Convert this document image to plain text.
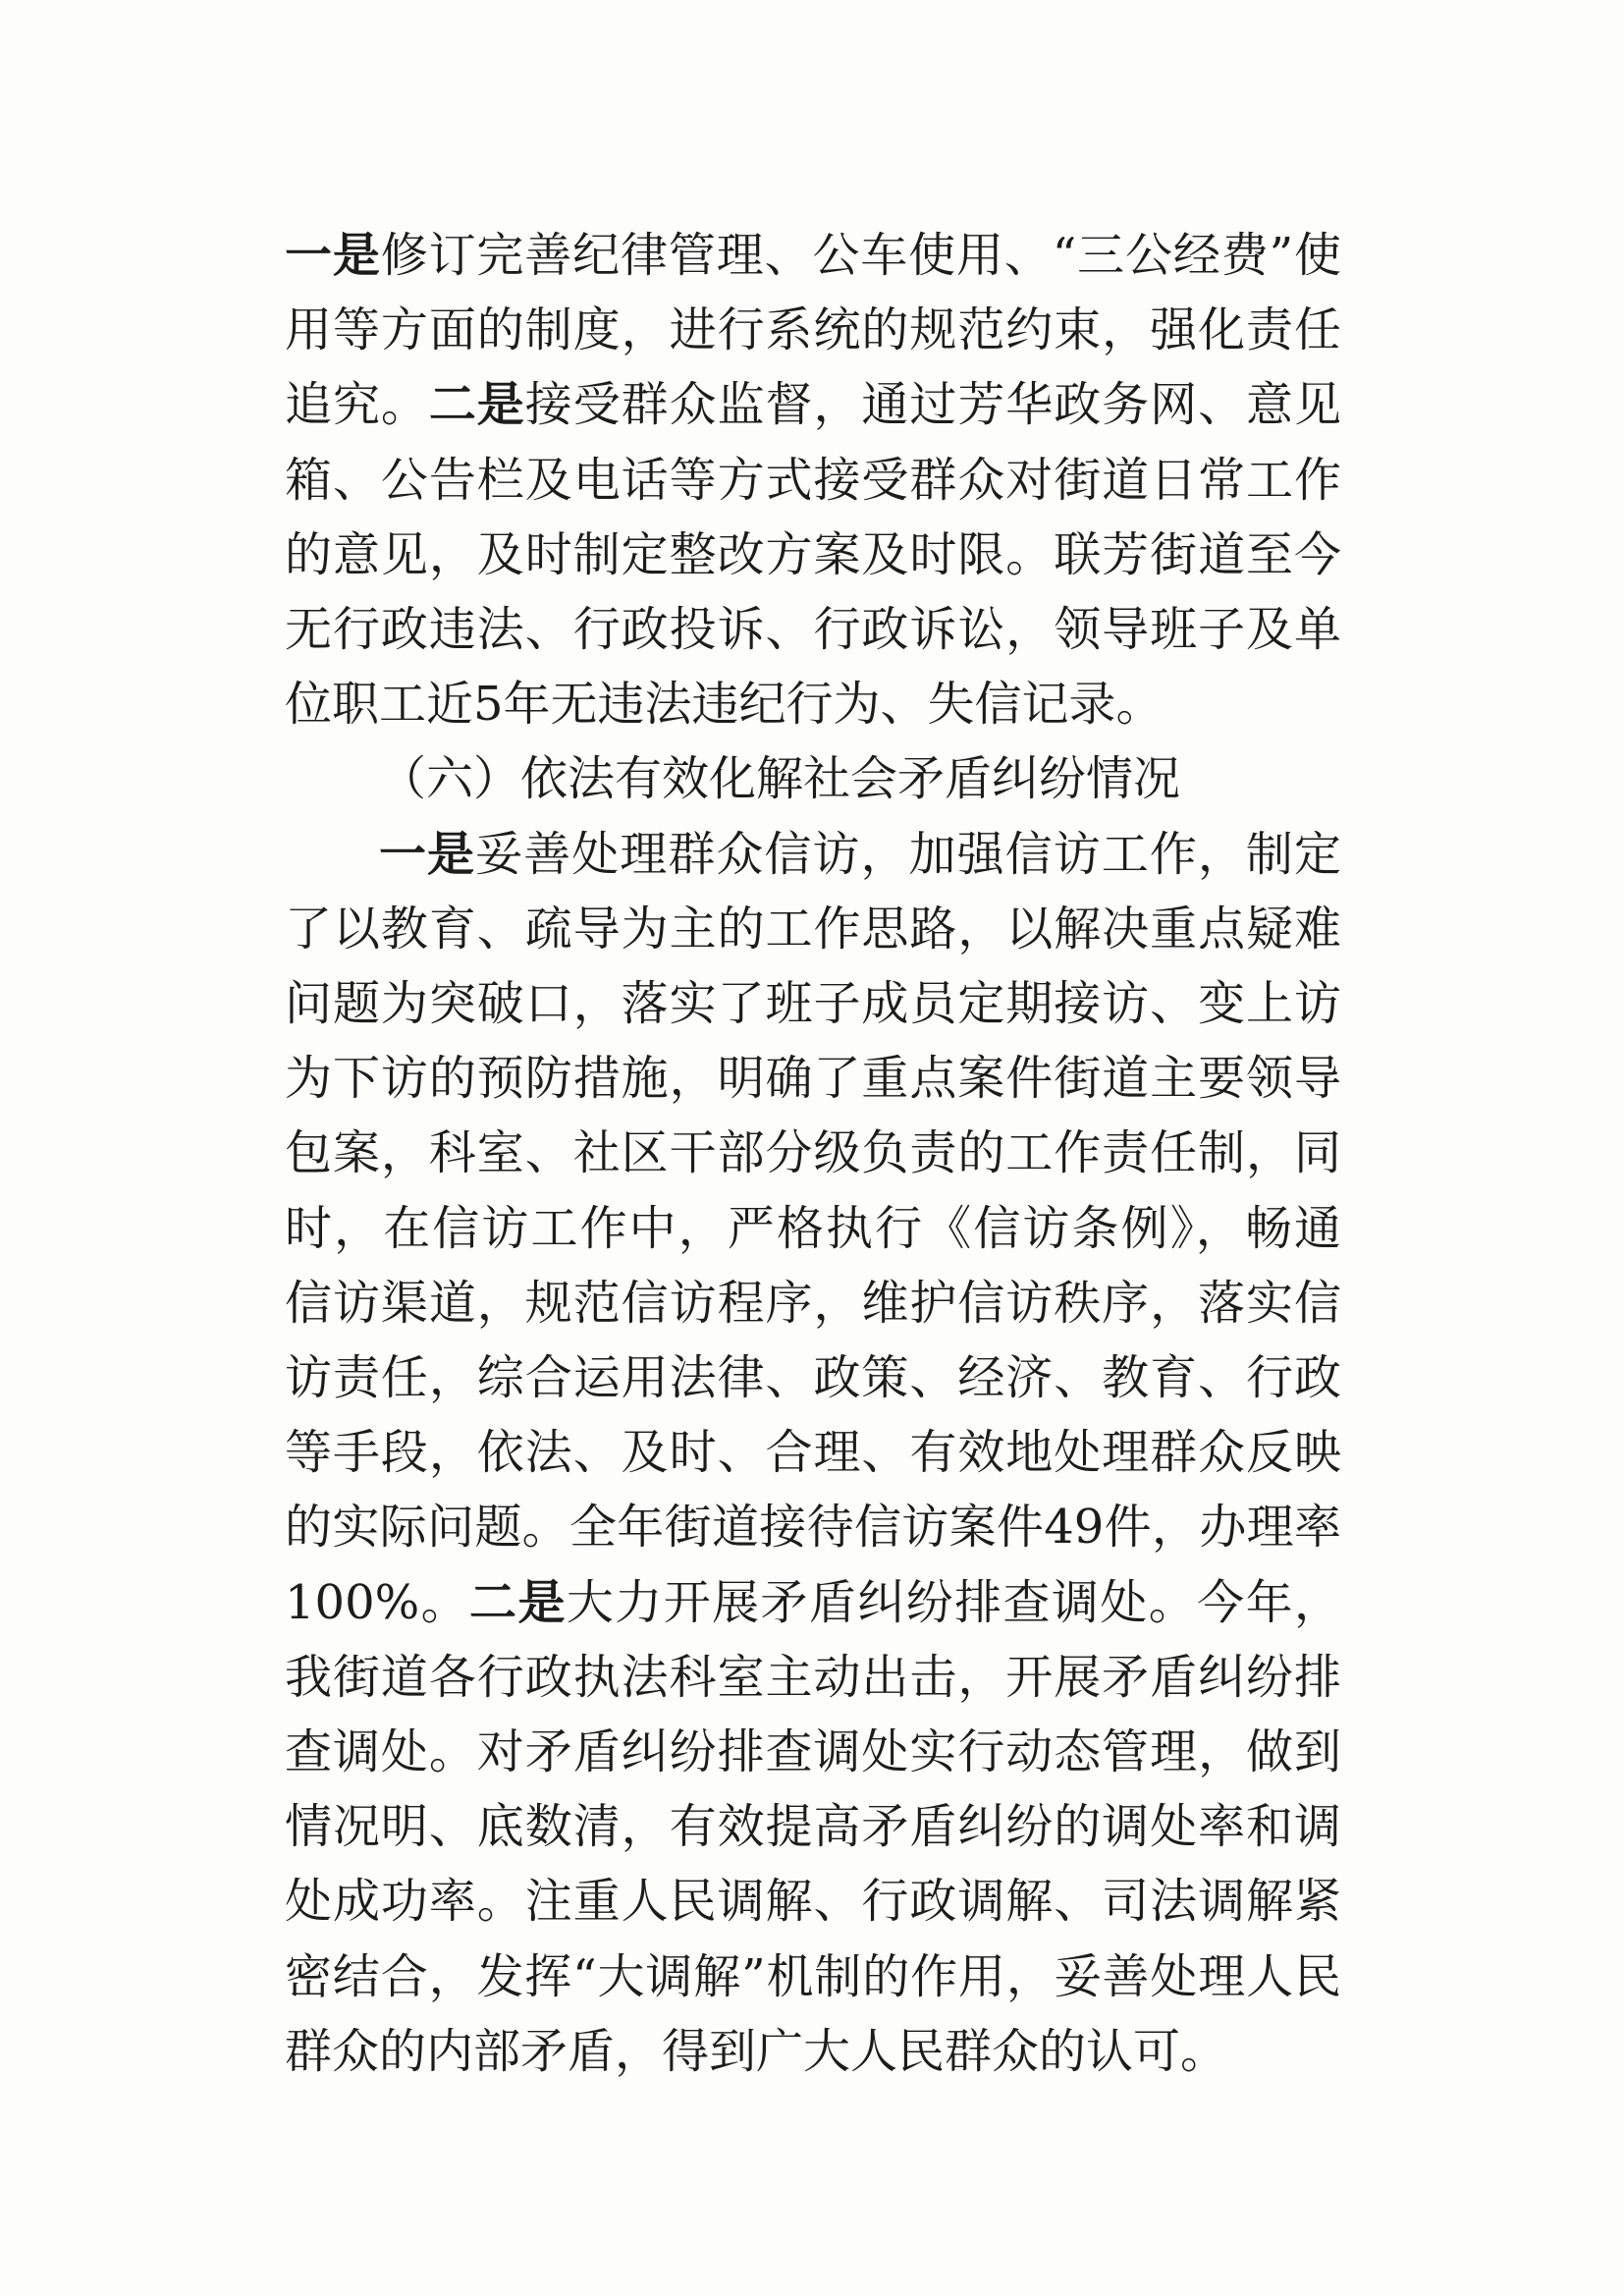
一是修订完善纪律管理、公车使用、“三公经费”使用等方面的制度，进行系统的规范约束，强化责任追究。二是接受群众监督，通过芳华政务网、意见箱、公告栏及电话等方式接受群众对街道日常工作的意见，及时制定整改方案及时限。联芳街道至今无行政违法、行政投诉、行政诉讼，领导班子及单位职工近5年无违法违纪行为、失信记录。

（六）依法有效化解社会矛盾纠纷情况

一是妥善处理群众信访，加强信访工作，制定了以教育、疏导为主的工作思路，以解决重点疑难问题为突破口，落实了班子成员定期接访、变上访为下访的预防措施，明确了重点案件街道主要领导包案，科室、社区干部分级负责的工作责任制，同时，在信访工作中，严格执行《信访条例》，畅通信访渠道，规范信访程序，维护信访秩序，落实信访责任，综合运用法律、政策、经济、教育、行政等手段，依法、及时、合理、有效地处理群众反映的实际问题。全年街道接待信访案件49件，办理率100%。二是大力开展矛盾纠纷排查调处。今年，我街道各行政执法科室主动出击，开展矛盾纠纷排查调处。对矛盾纠纷排查调处实行动态管理，做到情况明、底数清，有效提高矛盾纠纷的调处率和调处成功率。注重人民调解、行政调解、司法调解紧密结合，发挥“大调解”机制的作用，妥善处理人民群众的内部矛盾，得到广大人民群众的认可。
